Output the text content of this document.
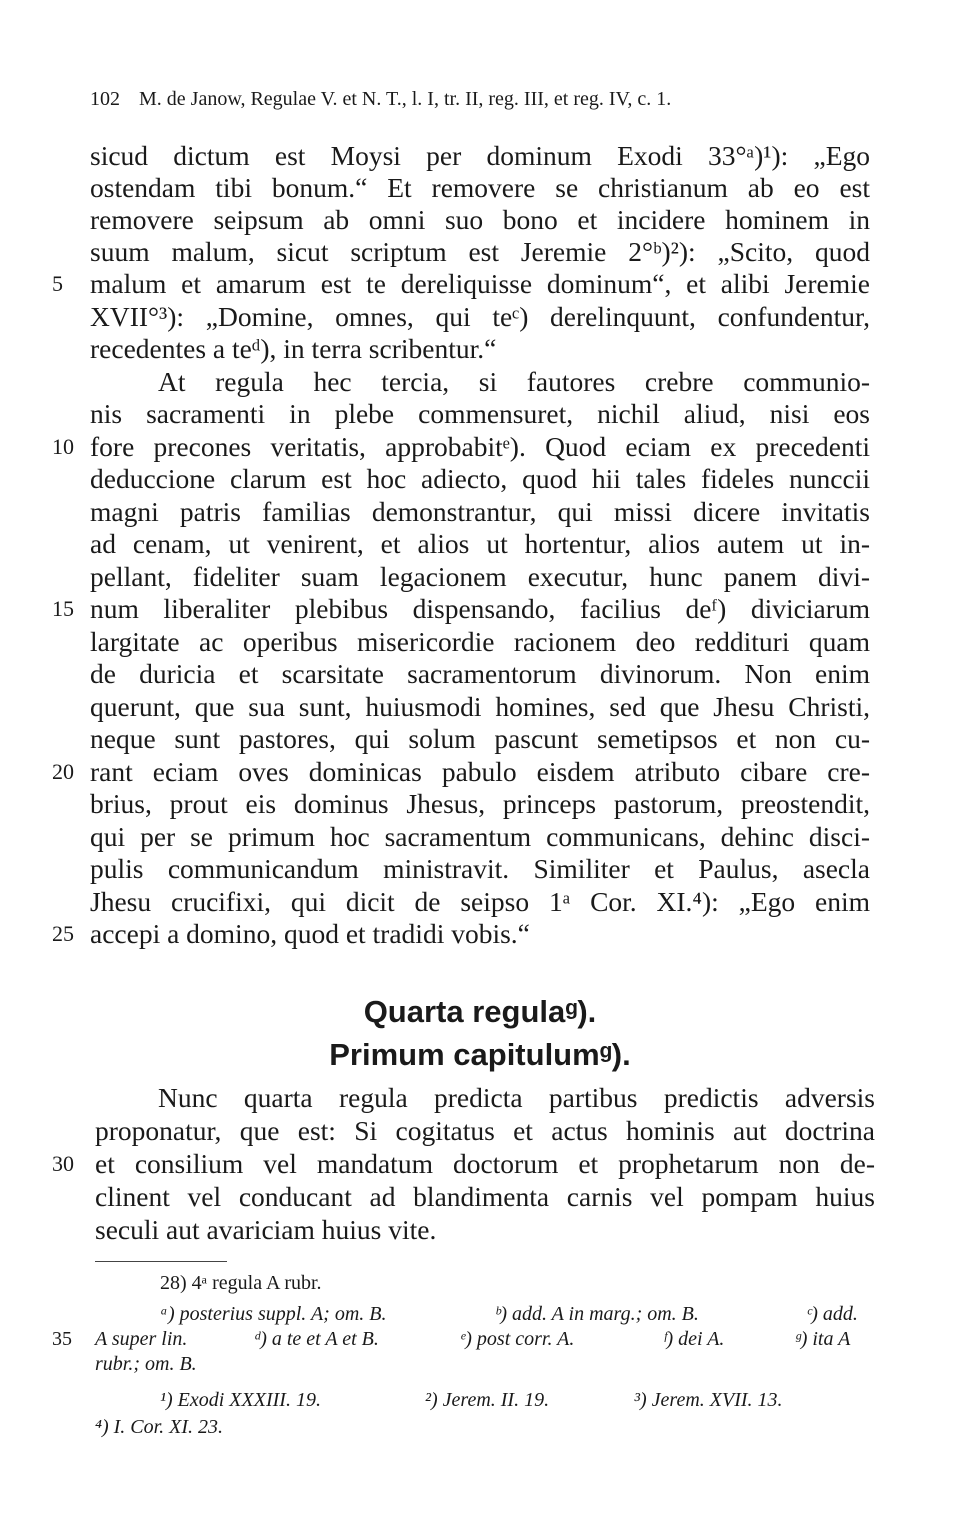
102 M. de Janow, Regulae V. et N. T., l. I, tr. II, reg. III, et reg. IV, c. 1.
sicud dictum est Moysi per dominum Exodi 33°ᵃ)¹): „Ego
ostendam tibi bonum.“ Et removere se christianum ab eo est
removere seipsum ab omni suo bono et incidere hominem in
suum malum, sicut scriptum est Jeremie 2°ᵇ)²): „Scito, quod
malum et amarum est te dereliquisse dominum“, et alibi Jeremie
XVII°³): „Domine, omnes, qui teᶜ) derelinquunt, confundentur,
recedentes a teᵈ), in terra scribentur.“
At regula hec tercia, si fautores crebre communio-
nis sacramenti in plebe commensuret, nichil aliud, nisi eos
fore precones veritatis, approbabitᵉ). Quod eciam ex precedenti
deduccione clarum est hoc adiecto, quod hii tales fideles nunccii
magni patris familias demonstrantur, qui missi dicere invitatis
ad cenam, ut venirent, et alios ut hortentur, alios autem ut in-
pellant, fideliter suam legacionem executur, hunc panem divi-
num liberaliter plebibus dispensando, facilius deᶠ) diviciarum
largitate ac operibus misericordie racionem deo reddituri quam
de duricia et scarsitate sacramentorum divinorum. Non enim
querunt, que sua sunt, huiusmodi homines, sed que Jhesu Christi,
neque sunt pastores, qui solum pascunt semetipsos et non cu-
rant eciam oves dominicas pabulo eisdem atributo cibare cre-
brius, prout eis dominus Jhesus, princeps pastorum, preostendit,
qui per se primum hoc sacramentum communicans, dehinc disci-
pulis communicandum ministravit. Similiter et Paulus, asecla
Jhesu crucifixi, qui dicit de seipso 1ᵃ Cor. XI.⁴): „Ego enim
accepi a domino, quod et tradidi vobis.“
Quarta regulaᵍ).
Primum capitulumᵍ).
Nunc quarta regula predicta partibus predictis adversis
proponatur, que est: Si cogitatus et actus hominis aut doctrina
et consilium vel mandatum doctorum et prophetarum non de-
clinent vel conducant ad blandimenta carnis vel pompam huius
seculi aut avariciam huius vite.
5
10
15
20
25
30
28) 4ᵃ regula A rubr.
ᵃ) posterius suppl. A; om. B.	ᵇ) add. A in marg.; om. B.	ᶜ) add.
35	A super lin.	ᵈ) a te et A et B.	ᵉ) post corr. A.	ᶠ) dei A.	ᵍ) ita A
rubr.; om. B.
¹) Exodi XXXIII. 19.	²) Jerem. II. 19.	³) Jerem. XVII. 13.
⁴) I. Cor. XI. 23.
